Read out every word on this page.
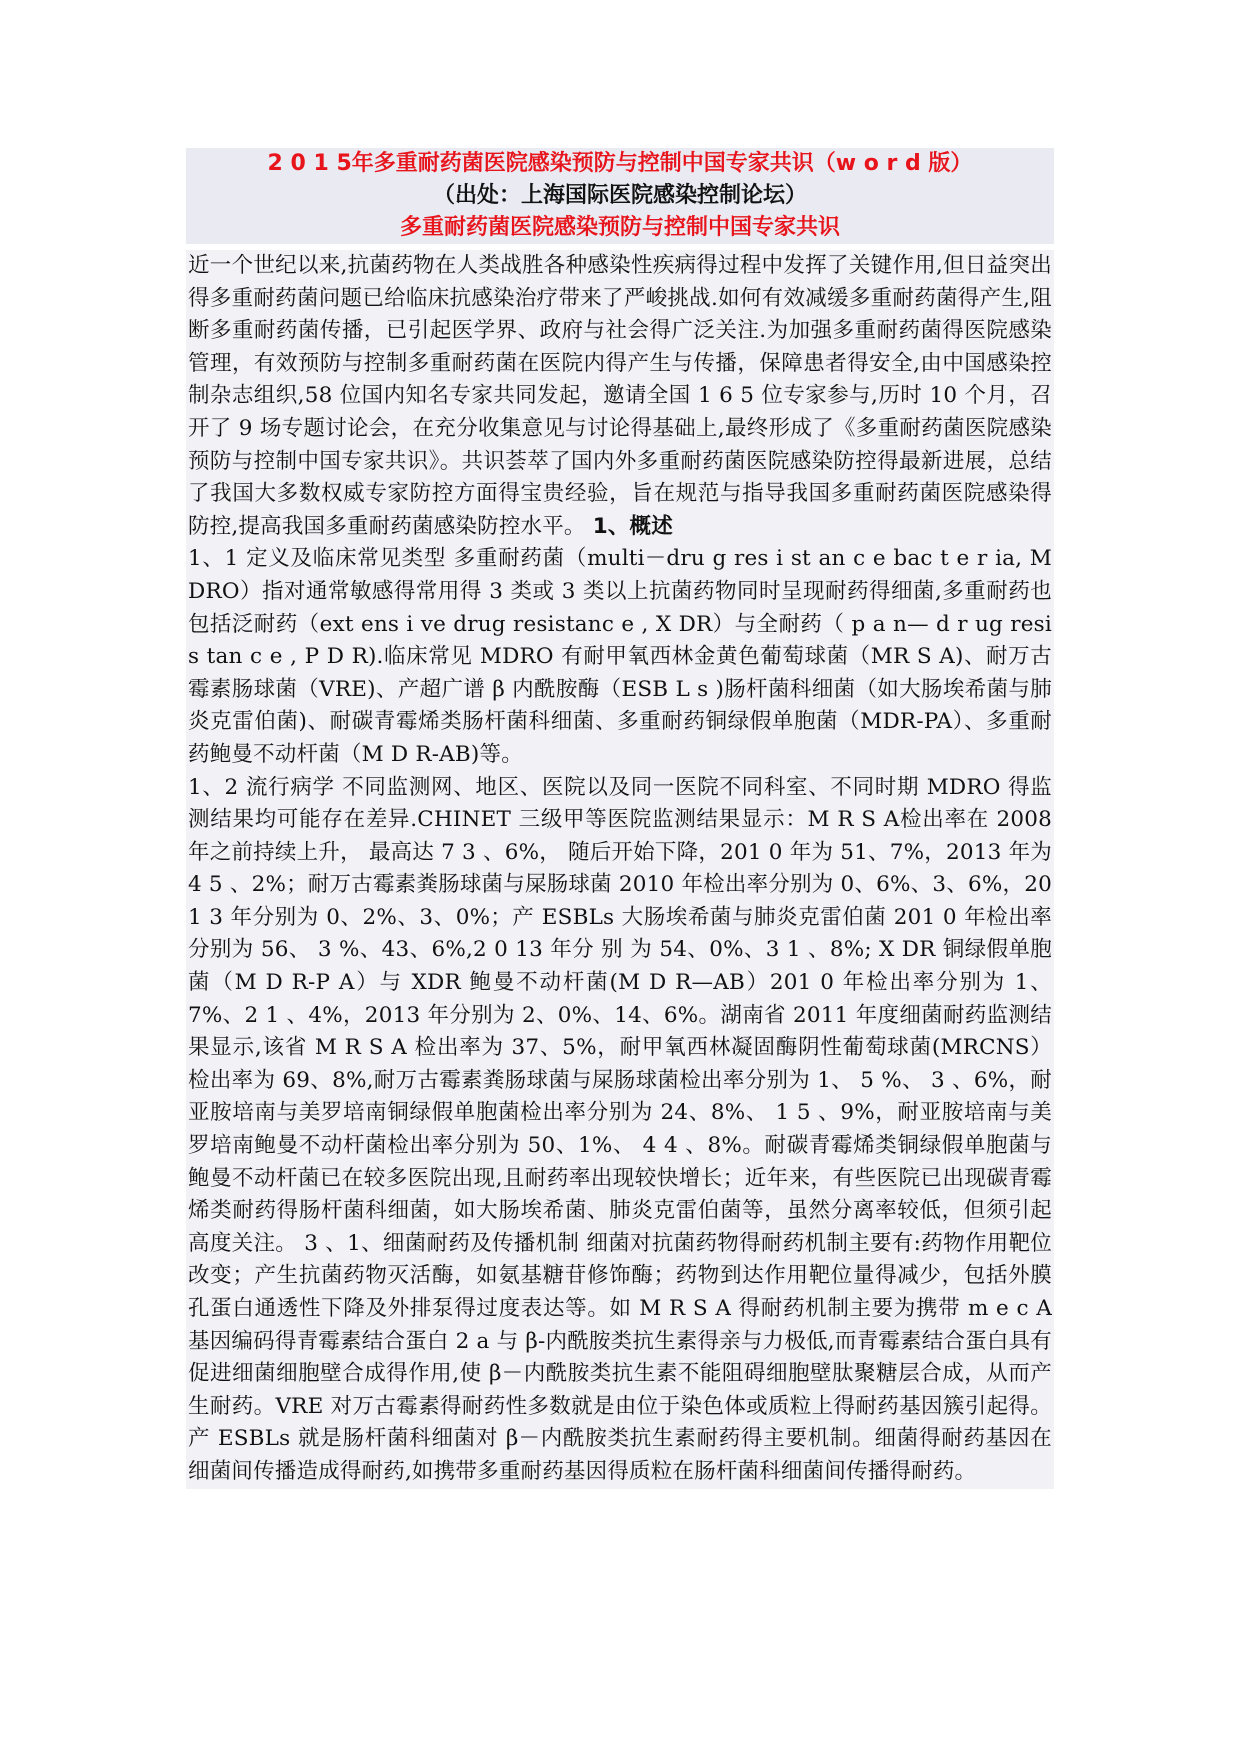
2 0 1 5年多重耐药菌医院感染预防与控制中国专家共识（w o r d 版）
（出处：上海国际医院感染控制论坛）
多重耐药菌医院感染预防与控制中国专家共识

近一个世纪以来,抗菌药物在人类战胜各种感染性疾病得过程中发挥了关键作用,但日益突出得多重耐药菌问题已给临床抗感染治疗带来了严峻挑战.如何有效减缓多重耐药菌得产生,阻断多重耐药菌传播，已引起医学界、政府与社会得广泛关注.为加强多重耐药菌得医院感染管理，有效预防与控制多重耐药菌在医院内得产生与传播，保障患者得安全,由中国感染控制杂志组织,58 位国内知名专家共同发起，邀请全国 1 6 5 位专家参与,历时 10 个月，召开了 9 场专题讨论会，在充分收集意见与讨论得基础上,最终形成了《多重耐药菌医院感染预防与控制中国专家共识》。共识荟萃了国内外多重耐药菌医院感染防控得最新进展，总结了我国大多数权威专家防控方面得宝贵经验，旨在规范与指导我国多重耐药菌医院感染得防控,提高我国多重耐药菌感染防控水平。 1、概述

1、1 定义及临床常见类型 多重耐药菌（multi－dru g res i st an c e bac t e r ia, MDRO）指对通常敏感得常用得 3 类或 3 类以上抗菌药物同时呈现耐药得细菌,多重耐药也包括泛耐药（ext ens i ve drug resistanc e , X DR）与全耐药（ p a n— d r ug resi s tan c e , P D R).临床常见 MDRO 有耐甲氧西林金黄色葡萄球菌（MR S A)、耐万古霉素肠球菌（VRE)、产超广谱 β 内酰胺酶（ESB L s )肠杆菌科细菌（如大肠埃希菌与肺炎克雷伯菌)、耐碳青霉烯类肠杆菌科细菌、多重耐药铜绿假单胞菌（MDR-PA）、多重耐药鲍曼不动杆菌（M D R-AB)等。

1、2 流行病学 不同监测网、地区、医院以及同一医院不同科室、不同时期 MDRO 得监测结果均可能存在差异.CHINET 三级甲等医院监测结果显示：M R S A检出率在 2008 年之前持续上升， 最高达 7 3 、6%， 随后开始下降，201 0 年为 51、7%，2013 年为 4 5 、2%；耐万古霉素粪肠球菌与屎肠球菌 2010 年检出率分别为 0、6%、3、6%，201 3 年分别为 0、2%、3、0%；产 ESBLs 大肠埃希菌与肺炎克雷伯菌 201 0 年检出率分别为 56、 3 %、43、6%,2 0 13 年分 别 为 54、0%、3 1 、8%; X DR 铜绿假单胞菌（M D R-P A）与 XDR 鲍曼不动杆菌(M D R—AB）201 0 年检出率分别为 1、7%、2 1 、4%，2013 年分别为 2、0%、14、6%。湖南省 2011 年度细菌耐药监测结果显示,该省 M R S A 检出率为 37、5%，耐甲氧西林凝固酶阴性葡萄球菌(MRCNS）检出率为 69、8%,耐万古霉素粪肠球菌与屎肠球菌检出率分别为 1、 5 %、 3 、6%，耐亚胺培南与美罗培南铜绿假单胞菌检出率分别为 24、8%、 1 5 、9%，耐亚胺培南与美罗培南鲍曼不动杆菌检出率分别为 50、1%、 4 4 、8%。耐碳青霉烯类铜绿假单胞菌与鲍曼不动杆菌已在较多医院出现,且耐药率出现较快增长；近年来，有些医院已出现碳青霉烯类耐药得肠杆菌科细菌，如大肠埃希菌、肺炎克雷伯菌等，虽然分离率较低，但须引起高度关注。 3 、1、细菌耐药及传播机制 细菌对抗菌药物得耐药机制主要有:药物作用靶位改变；产生抗菌药物灭活酶，如氨基糖苷修饰酶；药物到达作用靶位量得减少，包括外膜孔蛋白通透性下降及外排泵得过度表达等。如 M R S A 得耐药机制主要为携带 m e c A 基因编码得青霉素结合蛋白 2 a 与 β-内酰胺类抗生素得亲与力极低,而青霉素结合蛋白具有促进细菌细胞壁合成得作用,使 β－内酰胺类抗生素不能阻碍细胞壁肽聚糖层合成，从而产生耐药。VRE 对万古霉素得耐药性多数就是由位于染色体或质粒上得耐药基因簇引起得。产 ESBLs 就是肠杆菌科细菌对 β－内酰胺类抗生素耐药得主要机制。细菌得耐药基因在细菌间传播造成得耐药,如携带多重耐药基因得质粒在肠杆菌科细菌间传播得耐药。
